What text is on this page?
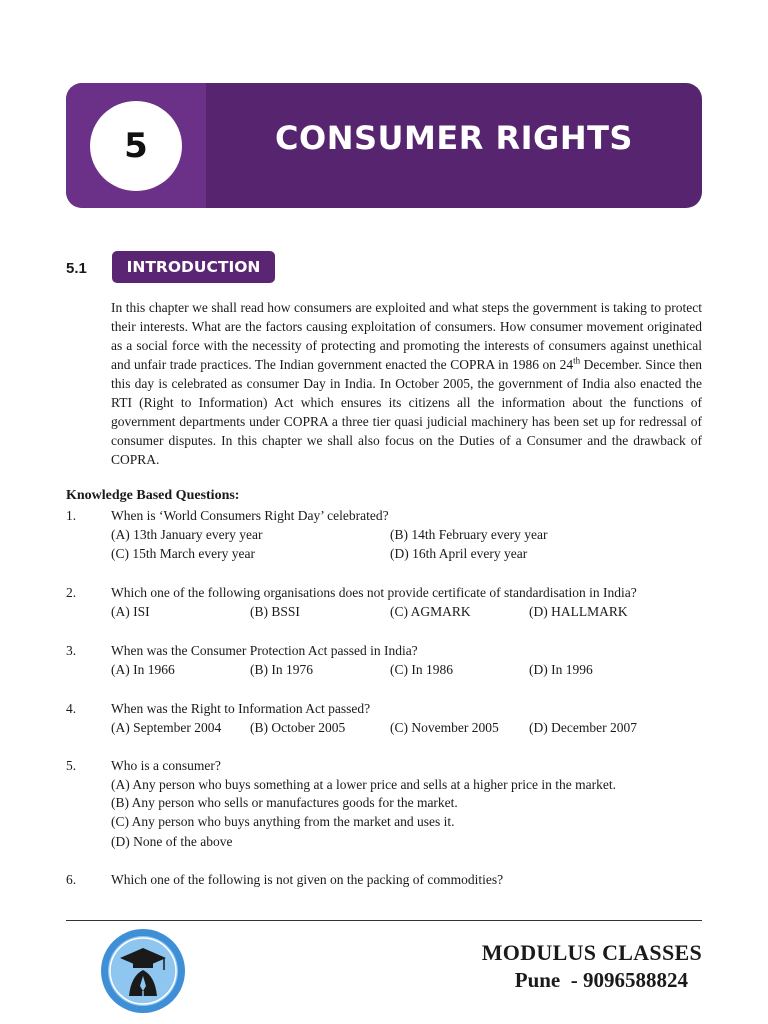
5	CONSUMER RIGHTS
5.1	INTRODUCTION

In this chapter we shall read how consumers are exploited and what steps the government is taking to protect their interests. What are the factors causing exploitation of consumers. How consumer movement originated as a social force with the necessity of protecting and promoting the interests of consumers against unethical and unfair trade practices. The Indian government enacted the COPRA in 1986 on 24th December. Since then this day is celebrated as consumer Day in India. In October 2005, the government of India also enacted the RTI (Right to Information) Act which ensures its citizens all the information about the functions of government departments under COPRA a three tier quasi judicial machinery has been set up for redressal of consumer disputes. In this chapter we shall also focus on the Duties of a Consumer and the drawback of COPRA.

Knowledge Based Questions:
1.	When is ‘World Consumers Right Day’ celebrated?
(A) 13th January every year	(B) 14th February every year
(C) 15th March every year	(D) 16th April every year
2.	Which one of the following organisations does not provide certificate of standardisation in India?
(A) ISI	(B) BSSI	(C) AGMARK	(D) HALLMARK
3.	When was the Consumer Protection Act passed in India?
(A) In 1966	(B) In 1976	(C) In 1986	(D) In 1996
4.	When was the Right to Information Act passed?
(A) September 2004 (B) October 2005	(C) November 2005 (D) December 2007
5.	Who is a consumer?
(A) Any person who buys something at a lower price and sells at a higher price in the market.
(B) Any person who sells or manufactures goods for the market.
(C) Any person who buys anything from the market and uses it.
(D) None of the above
6.	Which one of the following is not given on the packing of commodities?
MODULUS CLASSES
Pune  - 9096588824
